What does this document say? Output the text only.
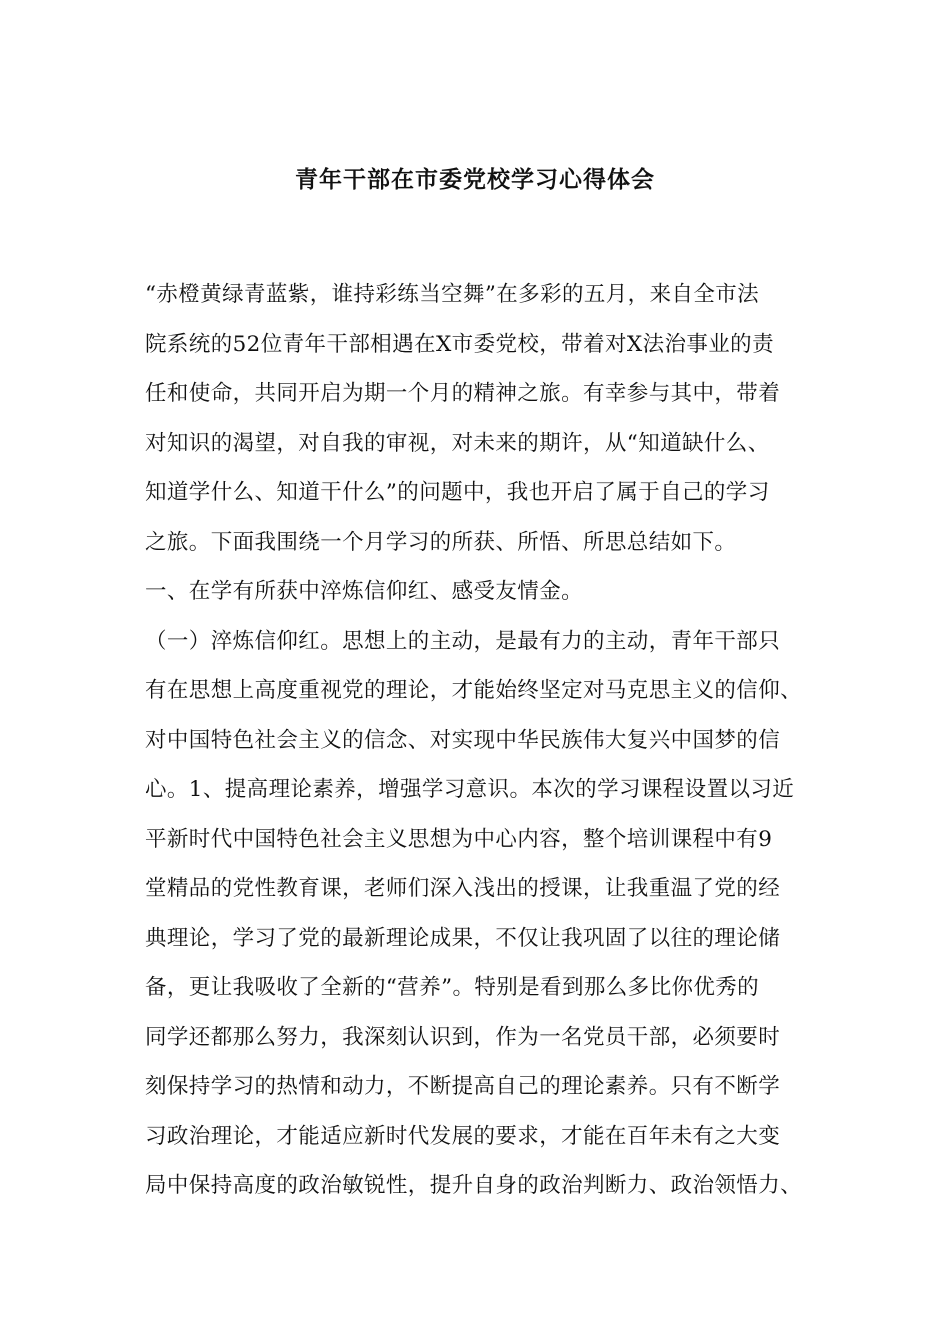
青年干部在市委党校学习心得体会
“赤橙黄绿青蓝紫，谁持彩练当空舞”在多彩的五月，来自全市法
院系统的52位青年干部相遇在X市委党校，带着对X法治事业的责
任和使命，共同开启为期一个月的精神之旅。有幸参与其中，带着
对知识的渴望，对自我的审视，对未来的期许，从“知道缺什么、
知道学什么、知道干什么”的问题中，我也开启了属于自己的学习
之旅。下面我围绕一个月学习的所获、所悟、所思总结如下。
一、在学有所获中淬炼信仰红、感受友情金。
（一）淬炼信仰红。思想上的主动，是最有力的主动，青年干部只
有在思想上高度重视党的理论，才能始终坚定对马克思主义的信仰、
对中国特色社会主义的信念、对实现中华民族伟大复兴中国梦的信
心。1、提高理论素养，增强学习意识。本次的学习课程设置以习近
平新时代中国特色社会主义思想为中心内容，整个培训课程中有9
堂精品的党性教育课，老师们深入浅出的授课，让我重温了党的经
典理论，学习了党的最新理论成果，不仅让我巩固了以往的理论储
备，更让我吸收了全新的“营养”。特别是看到那么多比你优秀的
同学还都那么努力，我深刻认识到，作为一名党员干部，必须要时
刻保持学习的热情和动力，不断提高自己的理论素养。只有不断学
习政治理论，才能适应新时代发展的要求，才能在百年未有之大变
局中保持高度的政治敏锐性，提升自身的政治判断力、政治领悟力、
